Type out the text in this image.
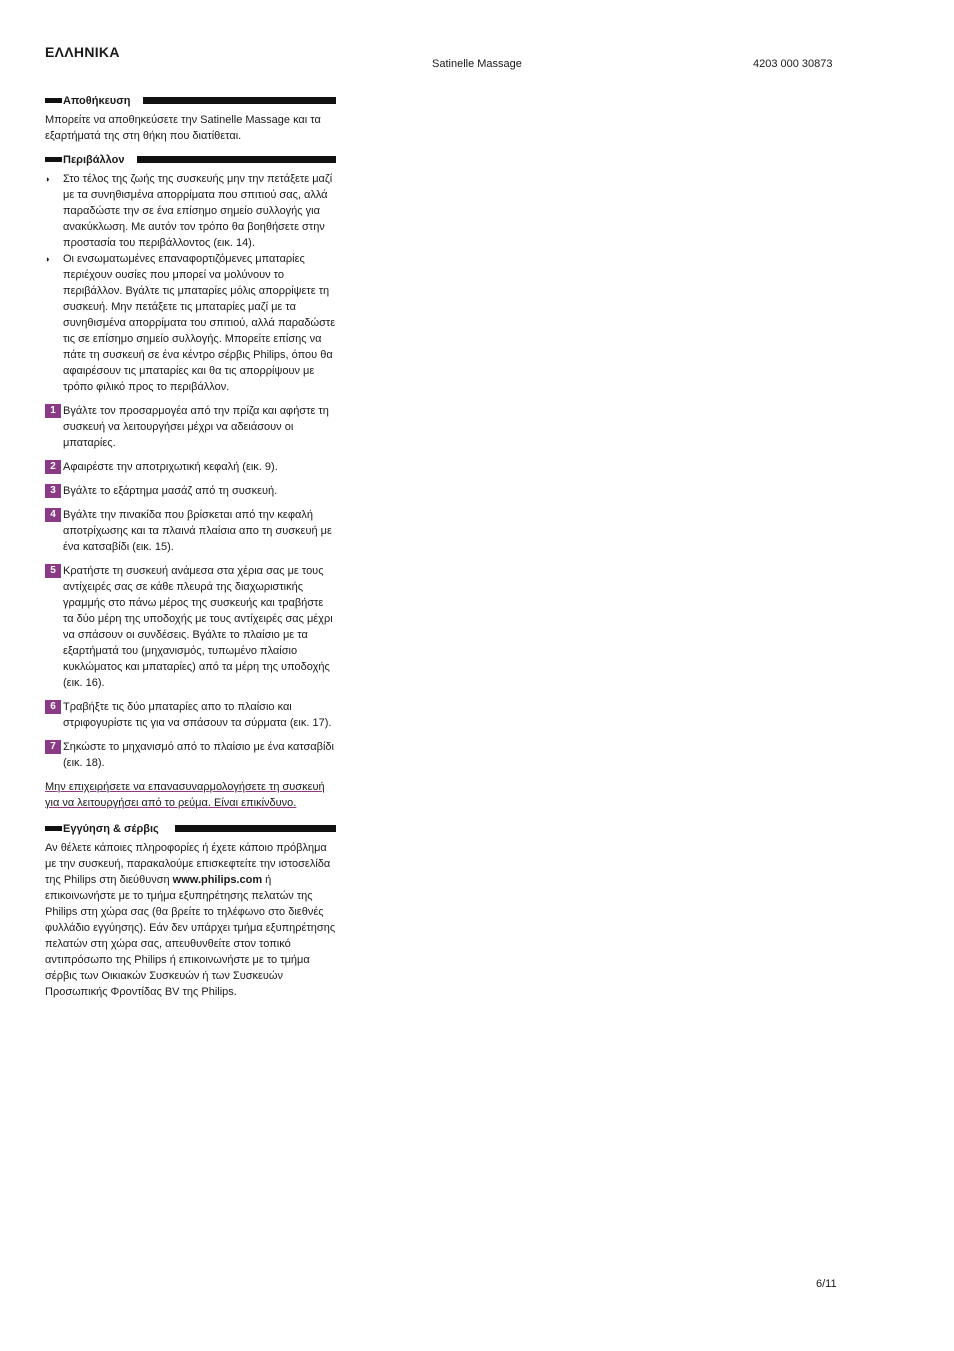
ΕΛΛΗΝΙΚΑ
Satinelle Massage	4203 000 30873
Αποθήκευση

Μπορείτε να αποθηκεύσετε την Satinelle Massage και τα εξαρτήματά της στη θήκη που διατίθεται.

Περιβάλλον
◗	Στο τέλος της ζωής της συσκευής μην την πετάξετε μαζί με τα συνηθισμένα απορρίματα που σπιτιού σας, αλλά παραδώστε την σε ένα επίσημο σημείο συλλογής για ανακύκλωση. Με αυτόν τον τρόπο θα βοηθήσετε στην προστασία του περιβάλλοντος (εικ. 14).

◗	Οι ενσωματωμένες επαναφορτιζόμενες μπαταρίες περιέχουν ουσίες που μπορεί να μολύνουν το περιβάλλον. Βγάλτε τις μπαταρίες μόλις απορρίψετε τη συσκευή. Μην πετάξετε τις μπαταρίες μαζί με τα συνηθισμένα απορρίματα του σπιτιού, αλλά παραδώστε τις σε επίσημο σημείο συλλογής. Μπορείτε επίσης να πάτε τη συσκευή σε ένα κέντρο σέρβις Philips, όπου θα αφαιρέσουν τις μπαταρίες και θα τις απορρίψουν με τρόπο φιλικό προς το περιβάλλον.

1 Βγάλτε τον προσαρμογέα από την πρίζα και αφήστε τη συσκευή να λειτουργήσει μέχρι να αδειάσουν οι μπαταρίες.

2 Αφαιρέστε την αποτριχωτική κεφαλή (εικ. 9).

3 Βγάλτε το εξάρτημα μασάζ από τη συσκευή.

4 Βγάλτε την πινακίδα που βρίσκεται από την κεφαλή αποτρίχωσης και τα πλαινά πλαίσια απο τη συσκευή με ένα κατσαβίδι (εικ. 15).

5 Κρατήστε τη συσκευή ανάμεσα στα χέρια σας με τους αντίχειρές σας σε κάθε πλευρά της διαχωριστικής γραμμής στο πάνω μέρος της συσκευής και τραβήστε τα δύο μέρη της υποδοχής με τους αντίχειρές σας μέχρι να σπάσουν οι συνδέσεις. Βγάλτε το πλαίσιο με τα εξαρτήματά του (μηχανισμός, τυπωμένο πλαίσιο κυκλώματος και μπαταρίες) από τα μέρη της υποδοχής (εικ. 16).

6 Τραβήξτε τις δύο μπαταρίες απο το πλαίσιο και στριφογυρίστε τις για να σπάσουν τα σύρματα (εικ. 17).

7 Σηκώστε το μηχανισμό από το πλαίσιο με ένα κατσαβίδι (εικ. 18).

Μην επιχειρήσετε να επανασυναρμολογήσετε τη συσκευή για να λειτουργήσει από το ρεύμα. Είναι επικίνδυνο.

Εγγύηση & σέρβις

Αν θέλετε κάποιες πληροφορίες ή έχετε κάποιο πρόβλημα με την συσκευή, παρακαλούμε επισκεφτείτε την ιστοσελίδα της Philips στη διεύθυνση www.philips.com ή επικοινωνήστε με το τμήμα εξυπηρέτησης πελατών της Philips στη χώρα σας (θα βρείτε το τηλέφωνο στο διεθνές φυλλάδιο εγγύησης). Εάν δεν υπάρχει τμήμα εξυπηρέτησης πελατών στη χώρα σας, απευθυνθείτε στον τοπικό αντιπρόσωπο της Philips ή επικοινωνήστε με το τμήμα σέρβις των Οικιακών Συσκευών ή των Συσκευών Προσωπικής Φροντίδας BV της Philips.

6/11
